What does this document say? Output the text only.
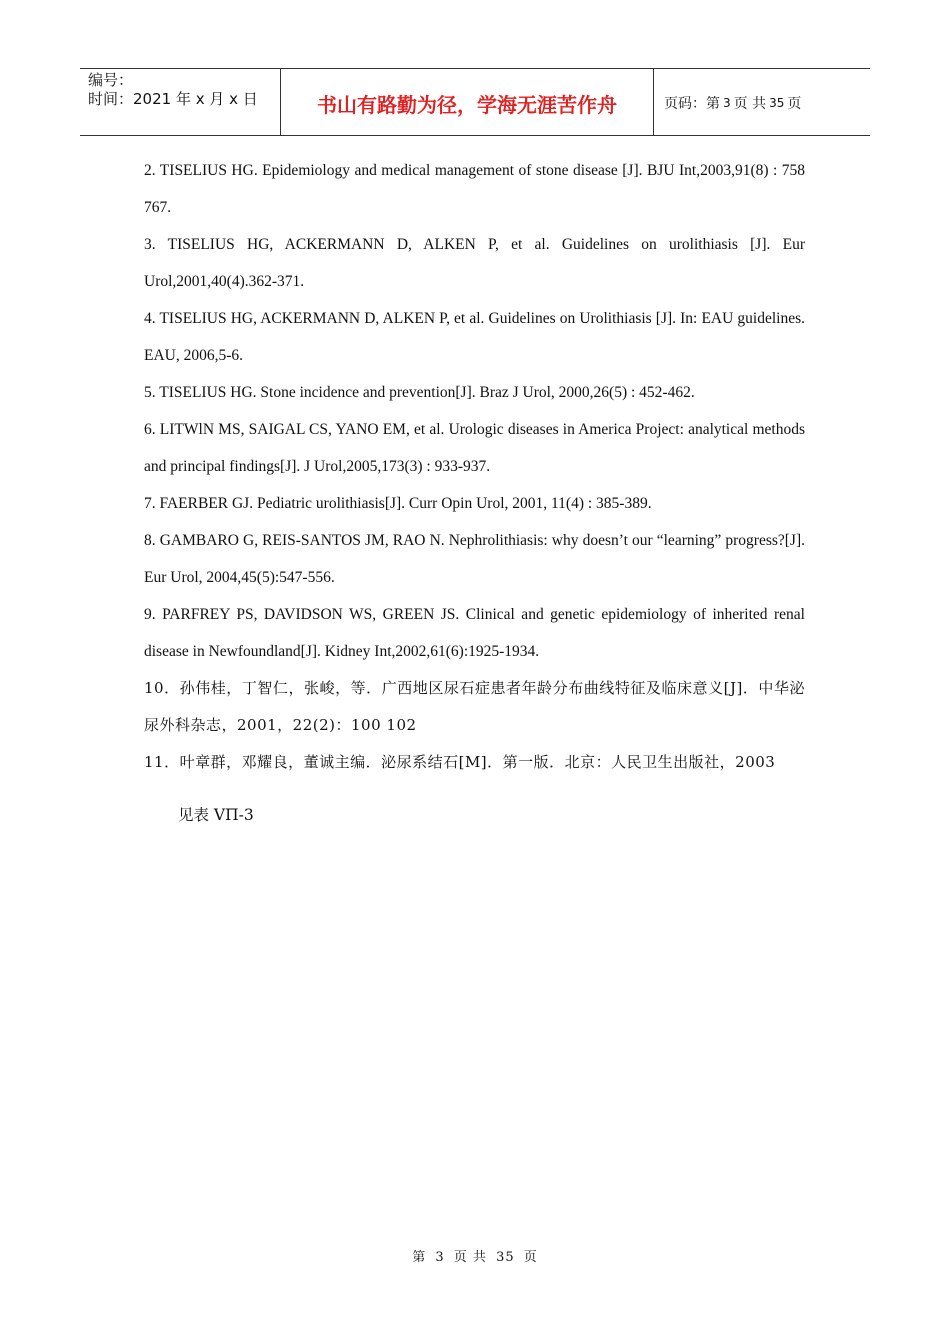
编号：
时间：2021 年 x 月 x 日	书山有路勤为径，学海无涯苦作舟	页码：第 3 页 共 35 页

2. TISELIUS HG. Epidemiology and medical management of stone disease [J]. BJU Int,2003,91(8) : 758 767.

3. TISELIUS HG, ACKERMANN D, ALKEN P, et al. Guidelines on urolithiasis [J]. Eur Urol,2001,40(4).362-371.

4. TISELIUS HG, ACKERMANN D, ALKEN P, et al. Guidelines on Urolithiasis [J]. In: EAU guidelines. EAU, 2006,5-6.

5. TISELIUS HG. Stone incidence and prevention[J]. Braz J Urol, 2000,26(5) : 452-462.

6. LITWlN MS, SAIGAL CS, YANO EM, et al. Urologic diseases in America Project: analytical methods and principal findings[J]. J Urol,2005,173(3) : 933-937.

7. FAERBER GJ. Pediatric urolithiasis[J]. Curr Opin Urol, 2001, 11(4) : 385-389.

8. GAMBARO G, REIS-SANTOS JM, RAO N. Nephrolithiasis: why doesn’t our “learning” progress?[J]. Eur Urol, 2004,45(5):547-556.

9. PARFREY PS, DAVIDSON WS, GREEN JS. Clinical and genetic epidemiology of inherited renal disease in Newfoundland[J]. Kidney Int,2002,61(6):1925-1934.

10．孙伟桂，丁智仁，张峻，等．广西地区尿石症患者年龄分布曲线特征及临床意义[J]．中华泌尿外科杂志，2001，22(2)：100 102

11．叶章群，邓耀良，董诚主编．泌尿系结石[M]．第一版．北京：人民卫生出版社，2003

见表 VΠ-3
第 3 页 共 35 页
